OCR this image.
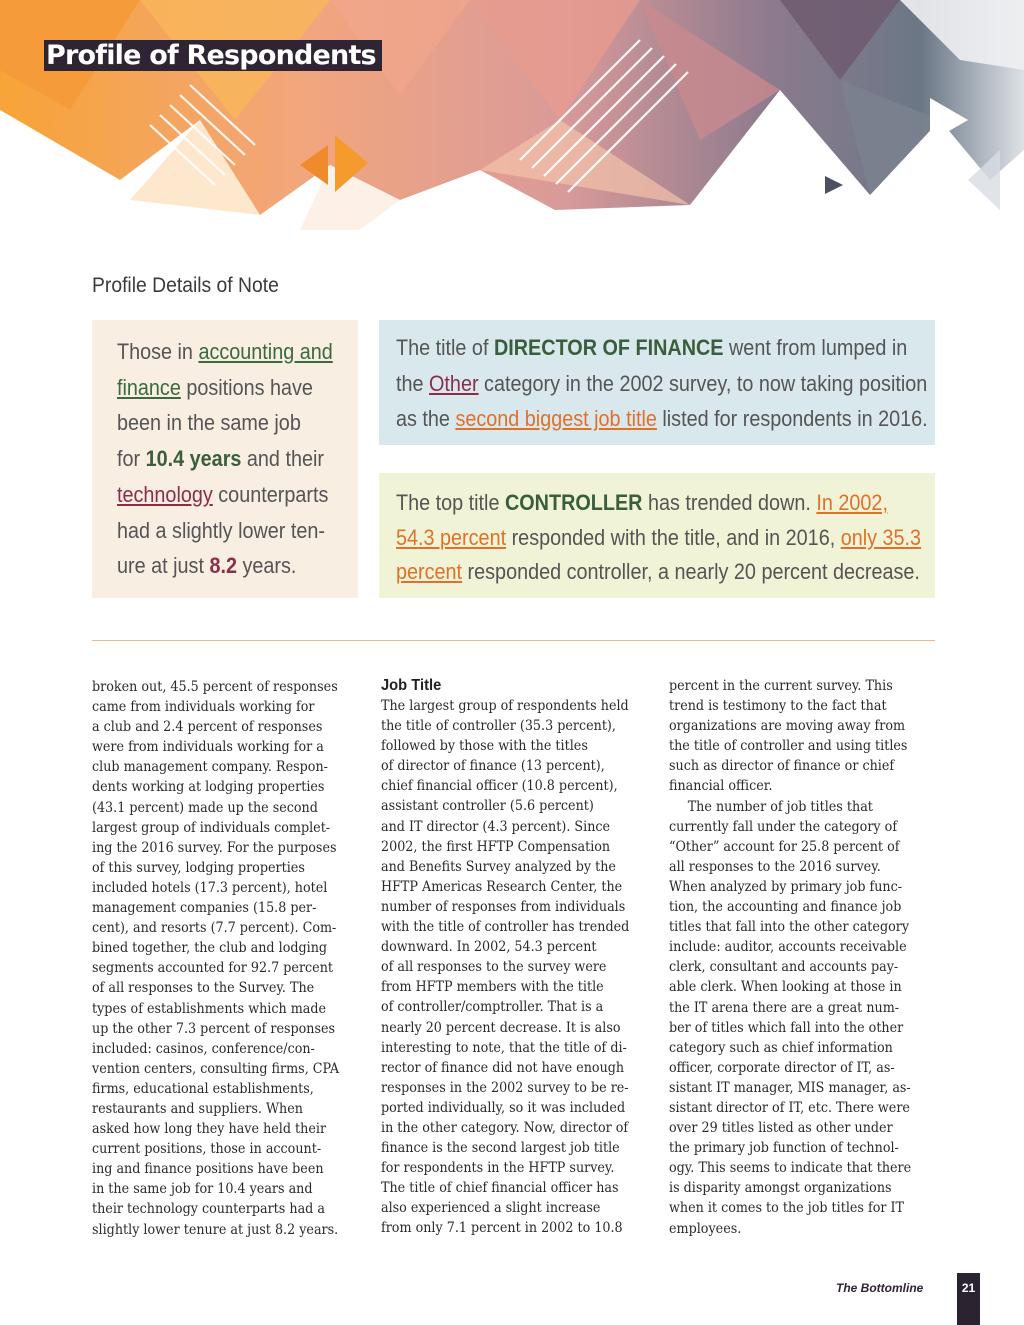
Profile of Respondents
Profile Details of Note
Those in accounting and
finance positions have
been in the same job
for 10.4 years and their
technology counterparts
had a slightly lower ten-
ure at just 8.2 years.
The title of DIRECTOR OF FINANCE went from lumped in
the Other category in the 2002 survey, to now taking position
as the second biggest job title listed for respondents in 2016.
The top title CONTROLLER has trended down. In 2002,
54.3 percent responded with the title, and in 2016, only 35.3
percent responded controller, a nearly 20 percent decrease.
broken out, 45.5 percent of responses
came from individuals working for
a club and 2.4 percent of responses
were from individuals working for a
club management company. Respon-
dents working at lodging properties
(43.1 percent) made up the second
largest group of individuals complet-
ing the 2016 survey. For the purposes
of this survey, lodging properties
included hotels (17.3 percent), hotel
management companies (15.8 per-
cent), and resorts (7.7 percent). Com-
bined together, the club and lodging
segments accounted for 92.7 percent
of all responses to the Survey. The
types of establishments which made
up the other 7.3 percent of responses
included: casinos, conference/con-
vention centers, consulting firms, CPA
firms, educational establishments,
restaurants and suppliers. When
asked how long they have held their
current positions, those in account-
ing and finance positions have been
in the same job for 10.4 years and
their technology counterparts had a
slightly lower tenure at just 8.2 years.
Job Title
The largest group of respondents held
the title of controller (35.3 percent),
followed by those with the titles
of director of finance (13 percent),
chief financial officer (10.8 percent),
assistant controller (5.6 percent)
and IT director (4.3 percent). Since
2002, the first HFTP Compensation
and Benefits Survey analyzed by the
HFTP Americas Research Center, the
number of responses from individuals
with the title of controller has trended
downward. In 2002, 54.3 percent
of all responses to the survey were
from HFTP members with the title
of controller/comptroller. That is a
nearly 20 percent decrease. It is also
interesting to note, that the title of di-
rector of finance did not have enough
responses in the 2002 survey to be re-
ported individually, so it was included
in the other category. Now, director of
finance is the second largest job title
for respondents in the HFTP survey.
The title of chief financial officer has
also experienced a slight increase
from only 7.1 percent in 2002 to 10.8
percent in the current survey. This
trend is testimony to the fact that
organizations are moving away from
the title of controller and using titles
such as director of finance or chief
financial officer.
The number of job titles that
currently fall under the category of
“Other” account for 25.8 percent of
all responses to the 2016 survey.
When analyzed by primary job func-
tion, the accounting and finance job
titles that fall into the other category
include: auditor, accounts receivable
clerk, consultant and accounts pay-
able clerk. When looking at those in
the IT arena there are a great num-
ber of titles which fall into the other
category such as chief information
officer, corporate director of IT, as-
sistant IT manager, MIS manager, as-
sistant director of IT, etc. There were
over 29 titles listed as other under
the primary job function of technol-
ogy. This seems to indicate that there
is disparity amongst organizations
when it comes to the job titles for IT
employees.
The Bottomline	21
